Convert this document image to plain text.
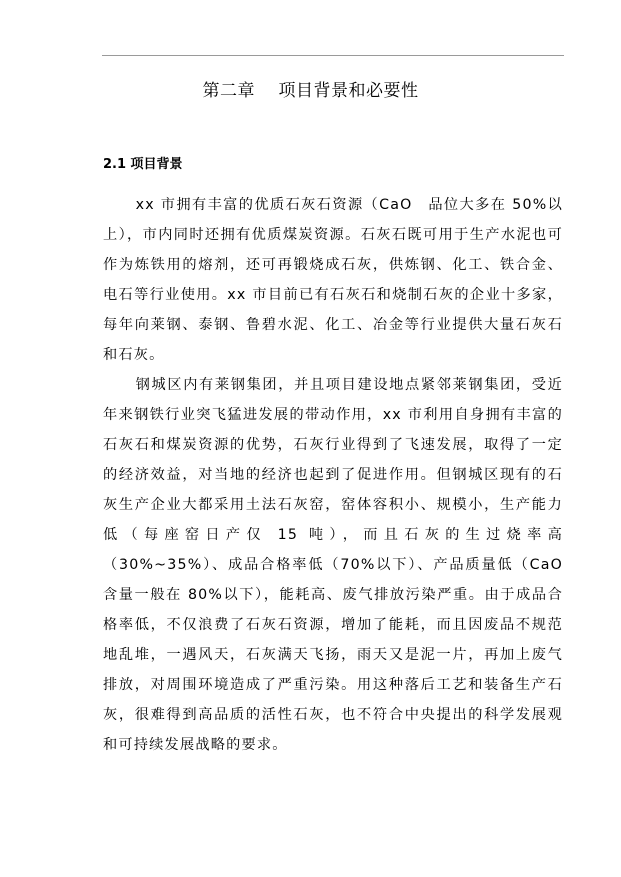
第二章　 项目背景和必要性
2.1 项目背景

xx 市拥有丰富的优质石灰石资源（CaO　品位大多在 50%以上），市内同时还拥有优质煤炭资源。石灰石既可用于生产水泥也可作为炼铁用的熔剂，还可再锻烧成石灰，供炼钢、化工、铁合金、电石等行业使用。xx 市目前已有石灰石和烧制石灰的企业十多家，每年向莱钢、泰钢、鲁碧水泥、化工、冶金等行业提供大量石灰石和石灰。

钢城区内有莱钢集团，并且项目建设地点紧邻莱钢集团，受近年来钢铁行业突飞猛进发展的带动作用，xx 市利用自身拥有丰富的石灰石和煤炭资源的优势，石灰行业得到了飞速发展，取得了一定的经济效益，对当地的经济也起到了促进作用。但钢城区现有的石灰生产企业大都采用土法石灰窑，窑体容积小、规模小，生产能力低（每座窑日产仅 15 吨），而且石灰的生过烧率高（30%~35%）、成品合格率低（70%以下）、产品质量低（CaO　含量一般在 80%以下），能耗高、废气排放污染严重。由于成品合格率低，不仅浪费了石灰石资源，增加了能耗，而且因废品不规范地乱堆，一遇风天，石灰满天飞扬，雨天又是泥一片，再加上废气排放，对周围环境造成了严重污染。用这种落后工艺和装备生产石灰，很难得到高品质的活性石灰，也不符合中央提出的科学发展观和可持续发展战略的要求。
